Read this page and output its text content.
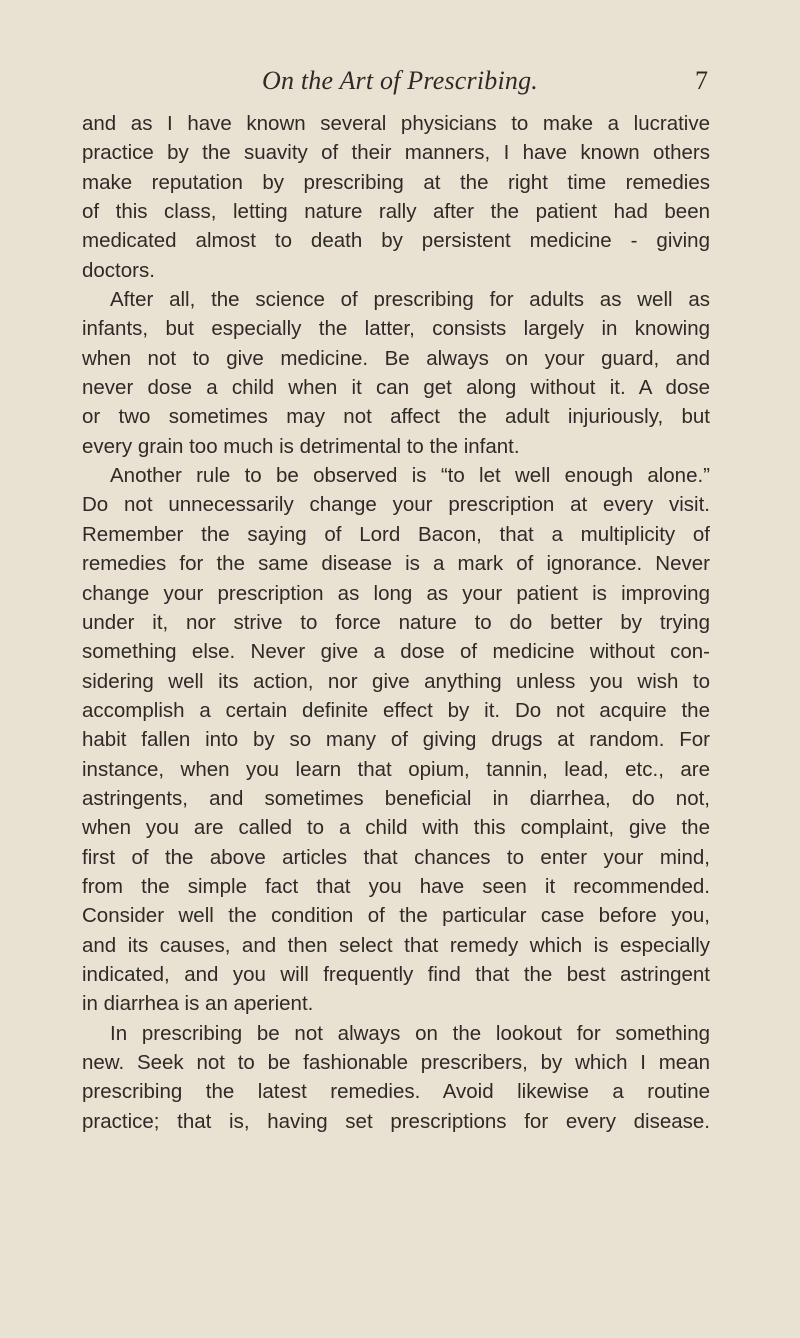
On the Art of Prescribing.	7
and as I have known several physicians to make a lucrative
practice by the suavity of their manners, I have known others
make reputation by prescribing at the right time remedies
of this class, letting nature rally after the patient had been
medicated almost to death by persistent medicine - giving
doctors.
After all, the science of prescribing for adults as well as
infants, but especially the latter, consists largely in knowing
when not to give medicine. Be always on your guard, and
never dose a child when it can get along without it. A dose
or two sometimes may not affect the adult injuriously, but
every grain too much is detrimental to the infant.
Another rule to be observed is “to let well enough alone.”
Do not unnecessarily change your prescription at every visit.
Remember the saying of Lord Bacon, that a multiplicity of
remedies for the same disease is a mark of ignorance. Never
change your prescription as long as your patient is improving
under it, nor strive to force nature to do better by trying
something else. Never give a dose of medicine without con-
sidering well its action, nor give anything unless you wish to
accomplish a certain definite effect by it. Do not acquire the
habit fallen into by so many of giving drugs at random. For
instance, when you learn that opium, tannin, lead, etc., are
astringents, and sometimes beneficial in diarrhea, do not,
when you are called to a child with this complaint, give the
first of the above articles that chances to enter your mind,
from the simple fact that you have seen it recommended.
Consider well the condition of the particular case before you,
and its causes, and then select that remedy which is especially
indicated, and you will frequently find that the best astringent
in diarrhea is an aperient.
In prescribing be not always on the lookout for something
new. Seek not to be fashionable prescribers, by which I mean
prescribing the latest remedies. Avoid likewise a routine
practice; that is, having set prescriptions for every disease.
